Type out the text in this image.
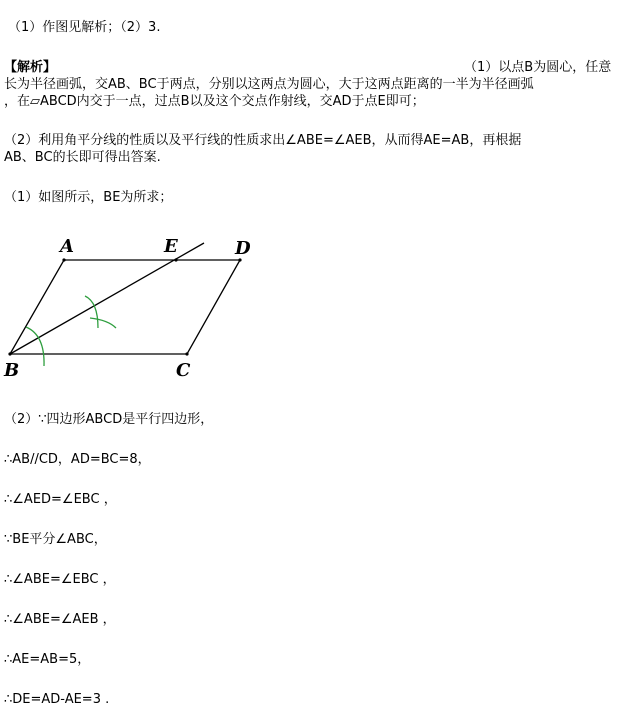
（1）作图见解析；（2）3.
【解析】	（1）以点B为圆心，任意
长为半径画弧，交AB、BC于两点，分别以这两点为圆心，大于这两点距离的一半为半径画弧
，在▱ABCD内交于一点，过点B以及这个交点作射线，交AD于点E即可；
（2）利用角平分线的性质以及平行线的性质求出∠ABE=∠AEB，从而得AE=AB，再根据
AB、BC的长即可得出答案.
（1）如图所示，BE为所求；
A	E	D
B	C
（2）∵四边形ABCD是平行四边形，
∴AB//CD，AD=BC=8，
∴∠AED=∠EBC ，
∵BE平分∠ABC，
∴∠ABE=∠EBC ，
∴∠ABE=∠AEB ，
∴AE=AB=5，
∴DE=AD-AE=3 .
